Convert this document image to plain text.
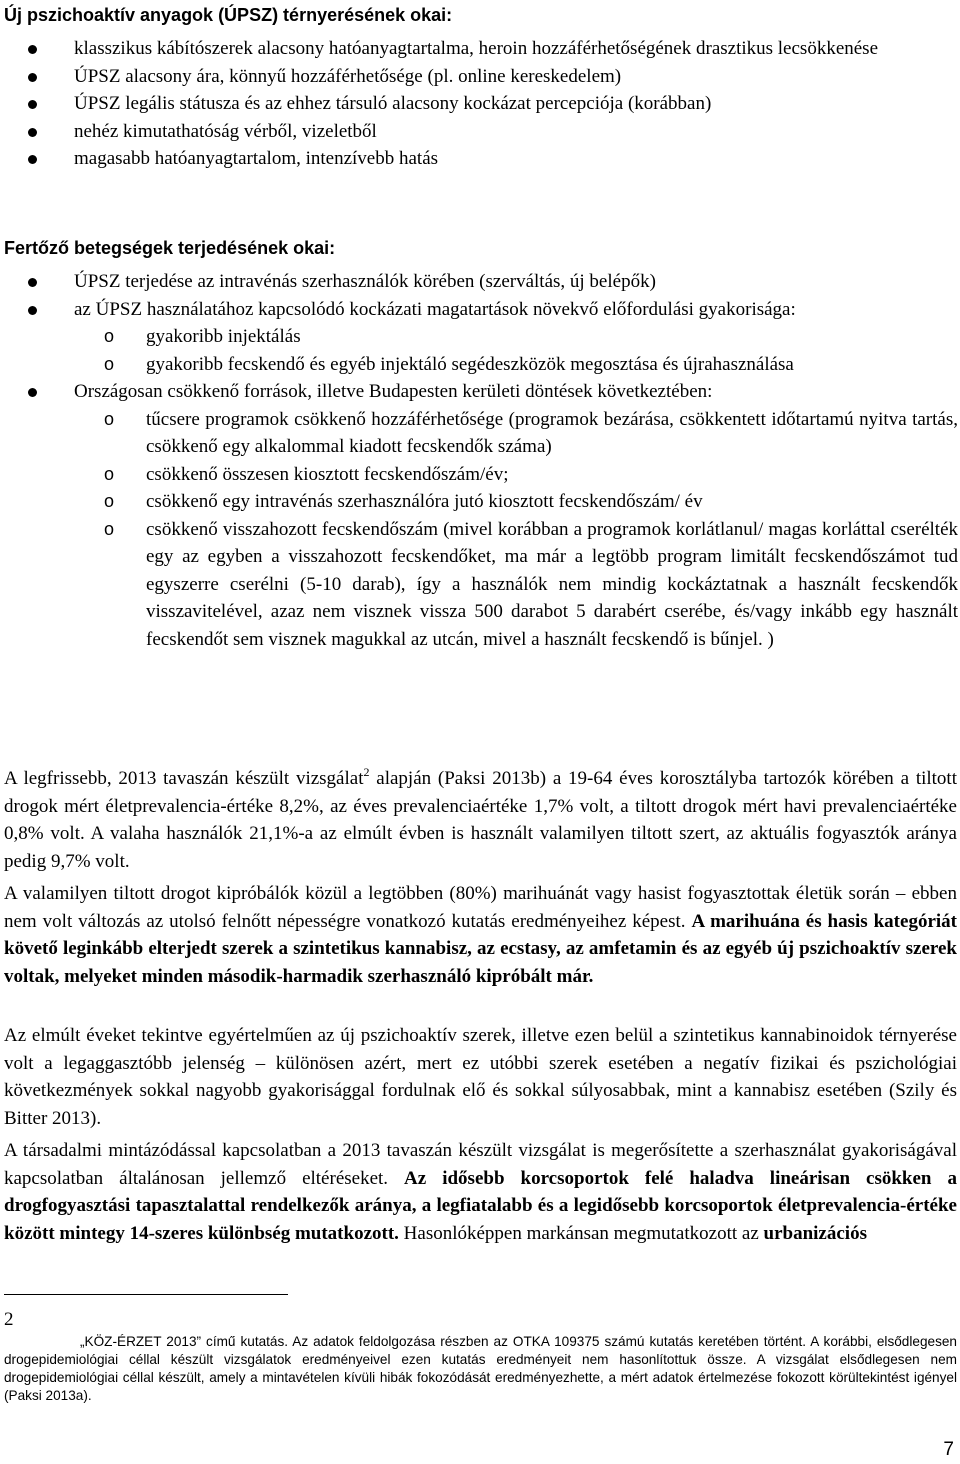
Új pszichoaktív anyagok (ÚPSZ) térnyerésének okai:
klasszikus kábítószerek alacsony hatóanyagtartalma, heroin hozzáférhetőségének drasztikus lecsökkenése
ÚPSZ alacsony ára, könnyű hozzáférhetősége (pl. online kereskedelem)
ÚPSZ legális státusza és az ehhez társuló alacsony kockázat percepciója (korábban)
nehéz kimutathatóság vérből, vizeletből
magasabb hatóanyagtartalom, intenzívebb hatás
Fertőző betegségek terjedésének okai:
ÚPSZ terjedése az intravénás szerhasználók körében (szerváltás, új belépők)
az ÚPSZ használatához kapcsolódó kockázati magatartások növekvő előfordulási gyakorisága:
o gyakoribb injektálás
o gyakoribb fecskendő és egyéb injektáló segédeszközök megosztása és újrahasználása
Országosan csökkenő források, illetve Budapesten kerületi döntések következtében:
o tűcsere programok csökkenő hozzáférhetősége (programok bezárása, csökkentett időtartamú nyitva tartás, csökkenő egy alkalommal kiadott fecskendők száma)
o csökkenő összesen kiosztott fecskendőszám/év;
o csökkenő egy intravénás szerhasználóra jutó kiosztott fecskendőszám/ év
o csökkenő visszahozott fecskendőszám (mivel korábban a programok korlátlanul/ magas korláttal cserélték egy az egyben a visszahozott fecskendőket, ma már a legtöbb program limitált fecskendőszámot tud egyszerre cserélni (5-10 darab), így a használók nem mindig kockáztatnak a használt fecskendők visszavitelével, azaz nem visznek vissza 500 darabot 5 darabért cserébe, és/vagy inkább egy használt fecskendőt sem visznek magukkal az utcán, mivel a használt fecskendő is bűnjel. )

A legfrissebb, 2013 tavaszán készült vizsgálat$^2$ alapján (Paksi 2013b) a 19-64 éves korosztályba tartozók körében a tiltott drogok mért életprevalencia-értéke 8,2%, az éves prevalenciaértéke 1,7% volt, a tiltott drogok mért havi prevalenciaértéke 0,8% volt. A valaha használók 21,1%-a az elmúlt évben is használt valamilyen tiltott szert, az aktuális fogyasztók aránya pedig 9,7% volt.

A valamilyen tiltott drogot kipróbálók közül a legtöbben (80%) marihuánát vagy hasist fogyasztottak életük során – ebben nem volt változás az utolsó felnőtt népességre vonatkozó kutatás eredményeihez képest. A marihuána és hasis kategóriát követő leginkább elterjedt szerek a szintetikus kannabisz, az ecstasy, az amfetamin és az egyéb új pszichoaktív szerek voltak, melyeket minden második-harmadik szerhasználó kipróbált már.

Az elmúlt éveket tekintve egyértelműen az új pszichoaktív szerek, illetve ezen belül a szintetikus kannabinoidok térnyerése volt a legaggasztóbb jelenség – különösen azért, mert ez utóbbi szerek esetében a negatív fizikai és pszichológiai következmények sokkal nagyobb gyakorisággal fordulnak elő és sokkal súlyosabbak, mint a kannabisz esetében (Szily és Bitter 2013).

A társadalmi mintázódással kapcsolatban a 2013 tavaszán készült vizsgálat is megerősítette a szerhasználat gyakoriságával kapcsolatban általánosan jellemző eltéréseket. Az idősebb korcsoportok felé haladva lineárisan csökken a drogfogyasztási tapasztalattal rendelkezők aránya, a legfiatalabb és a legidősebb korcsoportok életprevalencia-értéke között mintegy 14-szeres különbség mutatkozott. Hasonlóképpen markánsan megmutatkozott az urbanizációs

2

„KÖZ-ÉRZET 2013” című kutatás. Az adatok feldolgozása részben az OTKA 109375 számú kutatás keretében történt. A korábbi, elsődlegesen drogepidemiológiai céllal készült vizsgálatok eredményeivel ezen kutatás eredményeit nem hasonlítottuk össze. A vizsgálat elsődlegesen nem drogepidemiológiai céllal készült, amely a mintavételen kívüli hibák fokozódását eredményezhette, a mért adatok értelmezése fokozott körültekintést igényel (Paksi 2013a).

7
